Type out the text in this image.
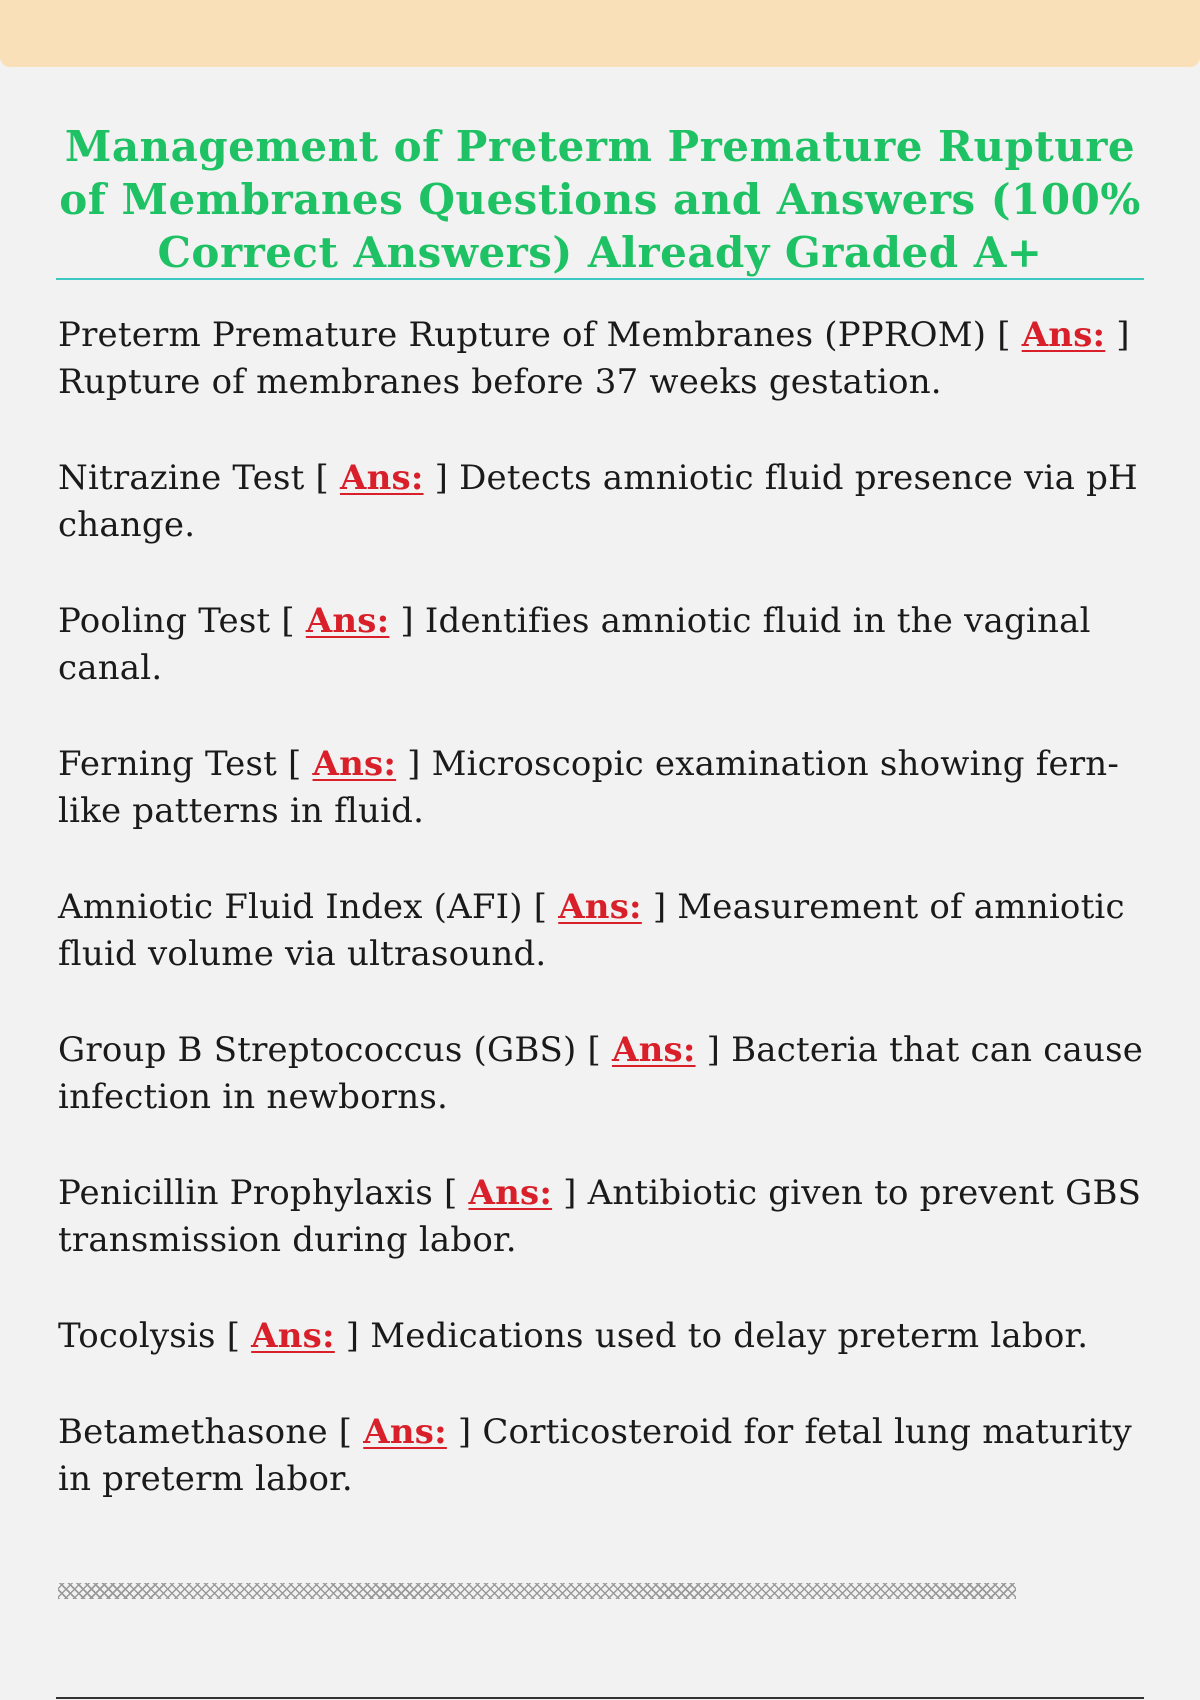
Management of Preterm Premature Rupture of Membranes Questions and Answers (100% Correct Answers) Already Graded A+
Preterm Premature Rupture of Membranes (PPROM) [ Ans: ] Rupture of membranes before 37 weeks gestation.
Nitrazine Test [ Ans: ] Detects amniotic fluid presence via pH change.
Pooling Test [ Ans: ] Identifies amniotic fluid in the vaginal canal.
Ferning Test [ Ans: ] Microscopic examination showing fern-like patterns in fluid.
Amniotic Fluid Index (AFI) [ Ans: ] Measurement of amniotic fluid volume via ultrasound.
Group B Streptococcus (GBS) [ Ans: ] Bacteria that can cause infection in newborns.
Penicillin Prophylaxis [ Ans: ] Antibiotic given to prevent GBS transmission during labor.
Tocolysis [ Ans: ] Medications used to delay preterm labor.
Betamethasone [ Ans: ] Corticosteroid for fetal lung maturity in preterm labor.
